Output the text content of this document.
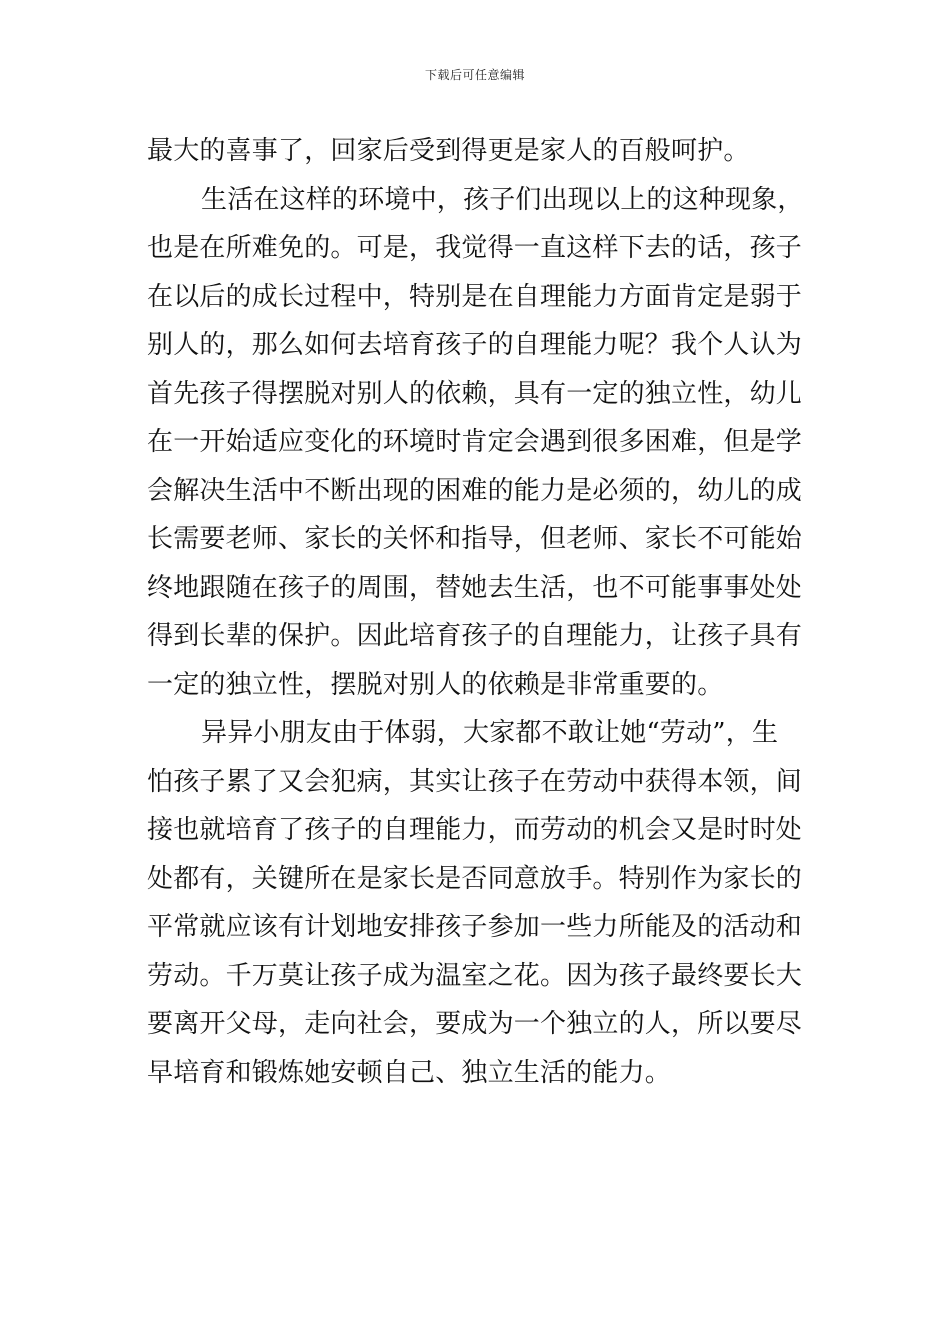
下载后可任意编辑
最大的喜事了，回家后受到得更是家人的百般呵护。
生活在这样的环境中，孩子们出现以上的这种现象，
也是在所难免的。可是，我觉得一直这样下去的话，孩子
在以后的成长过程中，特别是在自理能力方面肯定是弱于
别人的，那么如何去培育孩子的自理能力呢？我个人认为
首先孩子得摆脱对别人的依赖，具有一定的独立性，幼儿
在一开始适应变化的环境时肯定会遇到很多困难，但是学
会解决生活中不断出现的困难的能力是必须的，幼儿的成
长需要老师、家长的关怀和指导，但老师、家长不可能始
终地跟随在孩子的周围，替她去生活，也不可能事事处处
得到长辈的保护。因此培育孩子的自理能力，让孩子具有
一定的独立性，摆脱对别人的依赖是非常重要的。
异异小朋友由于体弱，大家都不敢让她“劳动”，生
怕孩子累了又会犯病，其实让孩子在劳动中获得本领，间
接也就培育了孩子的自理能力，而劳动的机会又是时时处
处都有，关键所在是家长是否同意放手。特别作为家长的
平常就应该有计划地安排孩子参加一些力所能及的活动和
劳动。千万莫让孩子成为温室之花。因为孩子最终要长大
要离开父母，走向社会，要成为一个独立的人，所以要尽
早培育和锻炼她安顿自己、独立生活的能力。
